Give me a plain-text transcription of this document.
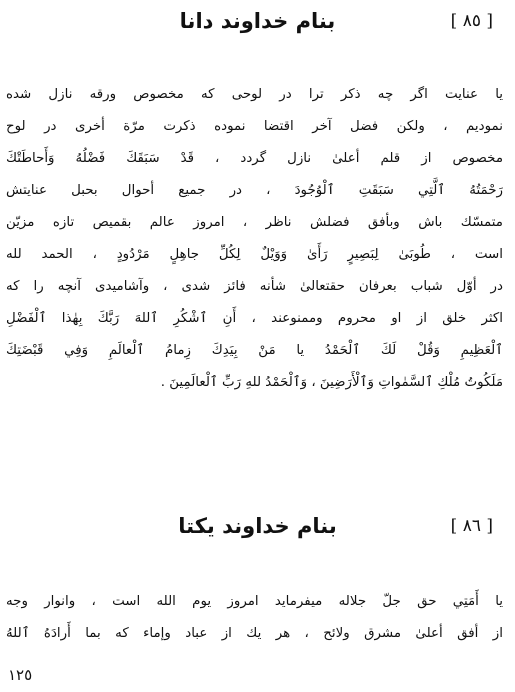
بنام خداوند دانا	[ ٨٥ ]
یا عنایت اگر چه ذکر ترا در لوحی که مخصوص ورقه نازل شده
نمودیم ، ولکن فضل آخر اقتضا نموده ذکرت مرّة أخری در لوح
مخصوص از قلم أعلیٰ نازل گردد ، قَدْ سَبَقَكَ فَضْلُهُ وَأَحاطَتْكَ
رَحْمَتُهُ ٱلَّتِي سَبَقَتِ ٱلْوُجُودَ ، در جمیع أحوال بحبل عنایتش
متمسّك باش وبأفق فضلش ناظر ، امروز عالم بقمیص تازه مزیّن
است ، طُوبَىٰ لِبَصِيرٍ رَأَىٰ وَوَيْلٌ لِكُلِّ جاهِلٍ مَرْدُودٍ ، الحمد لله
در أوّل شباب بعرفان حقتعالیٰ شأنه فائز شدی ، وآشامیدی آنچه را که
اکثر خلق از او محروم وممنوعند ، أَنِ ٱشْكُرِ ٱللهَ رَبَّكَ بِهٰذا ٱلْفَضْلِ
ٱلْعَظِيمِ وَقُلْ لَكَ ٱلْحَمْدُ يا مَنْ بِيَدِكَ زِمامُ ٱلْعالَمِ وَفِي قَبْضَتِكَ
مَلَكُوتُ مُلْكِ ٱلسَّمٰواتِ وَٱلْأَرَضِينَ ، وَٱلْحَمْدُ للهِ رَبِّ ٱلْعالَمِينَ .
بنام خداوند یکتا	[ ٨٦ ]
یا أَمَتِي حق جلّ جلاله میفرماید امروز یوم الله است ، وانوار وجه
از أفق أعلیٰ مشرق ولائح ، هر یك از عباد وإماء که بما أَرادَهُ ٱللهُ
١٢٥
